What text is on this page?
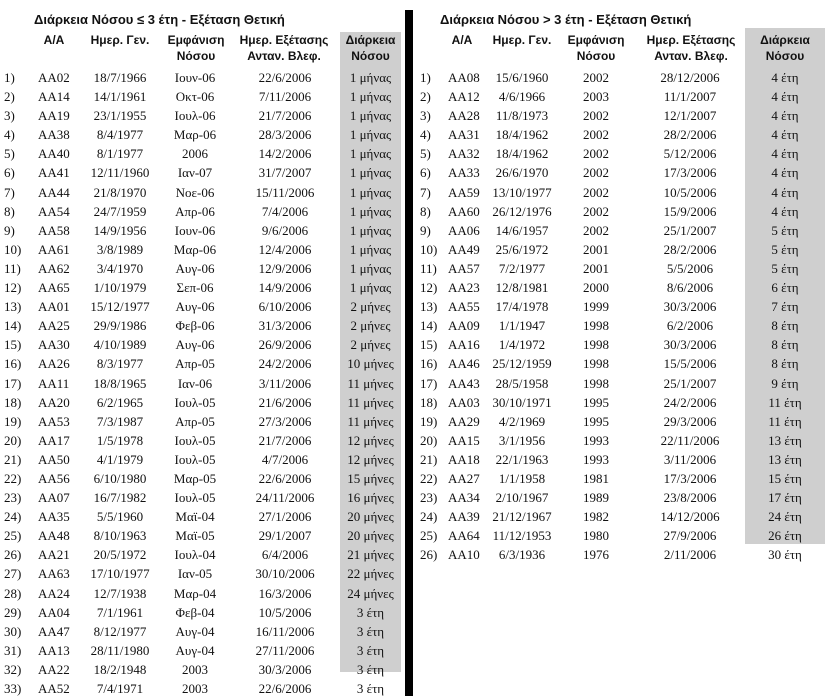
Διάρκεια Νόσου ≤ 3 έτη - Εξέταση Θετική
Α/Α	Ημερ. Γεν.	Εμφάνιση
Νόσου
Ημερ. Εξέτασης
Ανταν. Βλεφ.
Διάρκεια
Νόσου
1)	AA02	18/7/1966	Ιουν-06	22/6/2006	1 μήνας
2)	AA14	14/1/1961	Οκτ-06	7/11/2006	1 μήνας
3)	AA19	23/1/1955	Ιουλ-06	21/7/2006	1 μήνας
4)	AA38	8/4/1977	Μαρ-06	28/3/2006	1 μήνας
5)	AA40	8/1/1977	2006	14/2/2006	1 μήνας
6)	AA41	12/11/1960	Ιαν-07	31/7/2007	1 μήνας
7)	AA44	21/8/1970	Νοε-06	15/11/2006	1 μήνας
8)	AA54	24/7/1959	Απρ-06	7/4/2006	1 μήνας
9)	AA58	14/9/1956	Ιουν-06	9/6/2006	1 μήνας
10)	AA61	3/8/1989	Μαρ-06	12/4/2006	1 μήνας
11)	AA62	3/4/1970	Αυγ-06	12/9/2006	1 μήνας
12)	AA65	1/10/1979	Σεπ-06	14/9/2006	1 μήνας
13)	AA01	15/12/1977	Αυγ-06	6/10/2006	2 μήνες
14)	AA25	29/9/1986	Φεβ-06	31/3/2006	2 μήνες
15)	AA30	4/10/1989	Αυγ-06	26/9/2006	2 μήνες
16)	AA26	8/3/1977	Απρ-05	24/2/2006	10 μήνες
17)	AA11	18/8/1965	Ιαν-06	3/11/2006	11 μήνες
18)	AA20	6/2/1965	Ιουλ-05	21/6/2006	11 μήνες
19)	AA53	7/3/1987	Απρ-05	27/3/2006	11 μήνες
20)	AA17	1/5/1978	Ιουλ-05	21/7/2006	12 μήνες
21)	AA50	4/1/1979	Ιουλ-05	4/7/2006	12 μήνες
22)	AA56	6/10/1980	Μαρ-05	22/6/2006	15 μήνες
23)	AA07	16/7/1982	Ιουλ-05	24/11/2006	16 μήνες
24)	AA35	5/5/1960	Μαϊ-04	27/1/2006	20 μήνες
25)	AA48	8/10/1963	Μαϊ-05	29/1/2007	20 μήνες
26)	AA21	20/5/1972	Ιουλ-04	6/4/2006	21 μήνες
27)	AA63	17/10/1977	Ιαν-05	30/10/2006	22 μήνες
28)	AA24	12/7/1938	Μαρ-04	16/3/2006	24 μήνες
29)	AA04	7/1/1961	Φεβ-04	10/5/2006	3 έτη
30)	AA47	8/12/1977	Αυγ-04	16/11/2006	3 έτη
31)	AA13	28/11/1980	Αυγ-04	27/11/2006	3 έτη
32)	AA22	18/2/1948	2003	30/3/2006	3 έτη
33)	AA52	7/4/1971	2003	22/6/2006	3 έτη
Διάρκεια Νόσου > 3 έτη - Εξέταση Θετική
Α/Α	Ημερ. Γεν.	Εμφάνιση
Νόσου
Ημερ. Εξέτασης
Ανταν. Βλεφ.
Διάρκεια
Νόσου
1)	AA08	15/6/1960	2002	28/12/2006	4 έτη
2)	AA12	4/6/1966	2003	11/1/2007	4 έτη
3)	AA28	11/8/1973	2002	12/1/2007	4 έτη
4)	AA31	18/4/1962	2002	28/2/2006	4 έτη
5)	AA32	18/4/1962	2002	5/12/2006	4 έτη
6)	AA33	26/6/1970	2002	17/3/2006	4 έτη
7)	AA59 13/10/1977	2002	10/5/2006	4 έτη
8)	AA60 26/12/1976	2002	15/9/2006	4 έτη
9)	AA06	14/6/1957	2002	25/1/2007	5 έτη
10) AA49	25/6/1972	2001	28/2/2006	5 έτη
11) AA57	7/2/1977	2001	5/5/2006	5 έτη
12) AA23	12/8/1981	2000	8/6/2006	6 έτη
13) AA55	17/4/1978	1999	30/3/2006	7 έτη
14) AA09	1/1/1947	1998	6/2/2006	8 έτη
15) AA16	1/4/1972	1998	30/3/2006	8 έτη
16) AA46 25/12/1959	1998	15/5/2006	8 έτη
17) AA43	28/5/1958	1998	25/1/2007	9 έτη
18) AA03 30/10/1971	1995	24/2/2006	11 έτη
19) AA29	4/2/1969	1995	29/3/2006	11 έτη
20) AA15	3/1/1956	1993	22/11/2006	13 έτη
21) AA18	22/1/1963	1993	3/11/2006	13 έτη
22) AA27	1/1/1958	1981	17/3/2006	15 έτη
23) AA34	2/10/1967	1989	23/8/2006	17 έτη
24) AA39 21/12/1967	1982	14/12/2006	24 έτη
25) AA64 11/12/1953	1980	27/9/2006	26 έτη
26) AA10	6/3/1936	1976	2/11/2006	30 έτη
